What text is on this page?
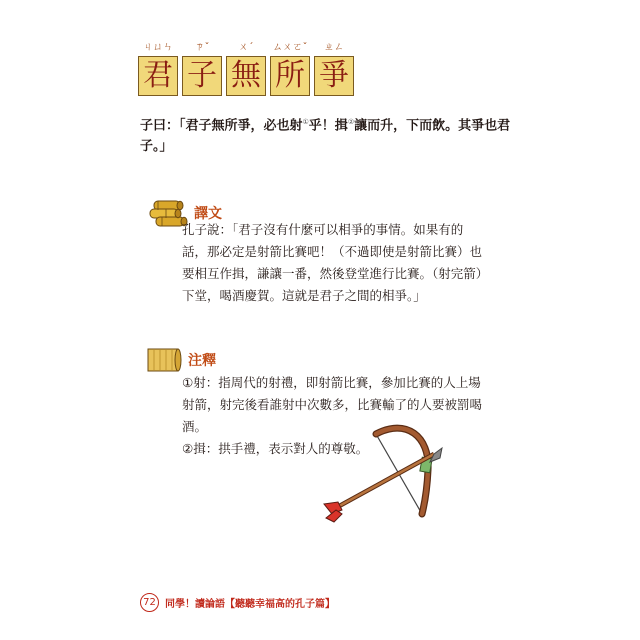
ㄐㄩㄣ
君
ㄗˇ
子
ㄨˊ
無
ㄙㄨㄛˇ
所
ㄓㄥ
爭
子曰：「君子無所爭，必也射①乎！揖②讓而升，下而飲。其爭也君子。」
譯文
孔子說：「君子沒有什麼可以相爭的事情。如果有的話，那必定是射箭比賽吧！（不過即使是射箭比賽）也要相互作揖，謙讓一番，然後登堂進行比賽。（射完箭）下堂，喝酒慶賀。這就是君子之間的相爭。」
注釋
①射：指周代的射禮，即射箭比賽，參加比賽的人上場射箭，射完後看誰射中次數多，比賽輸了的人要被罰喝酒。
②揖：拱手禮，表示對人的尊敬。
72 同學！讀論語【聽聽幸福高的孔子篇】
